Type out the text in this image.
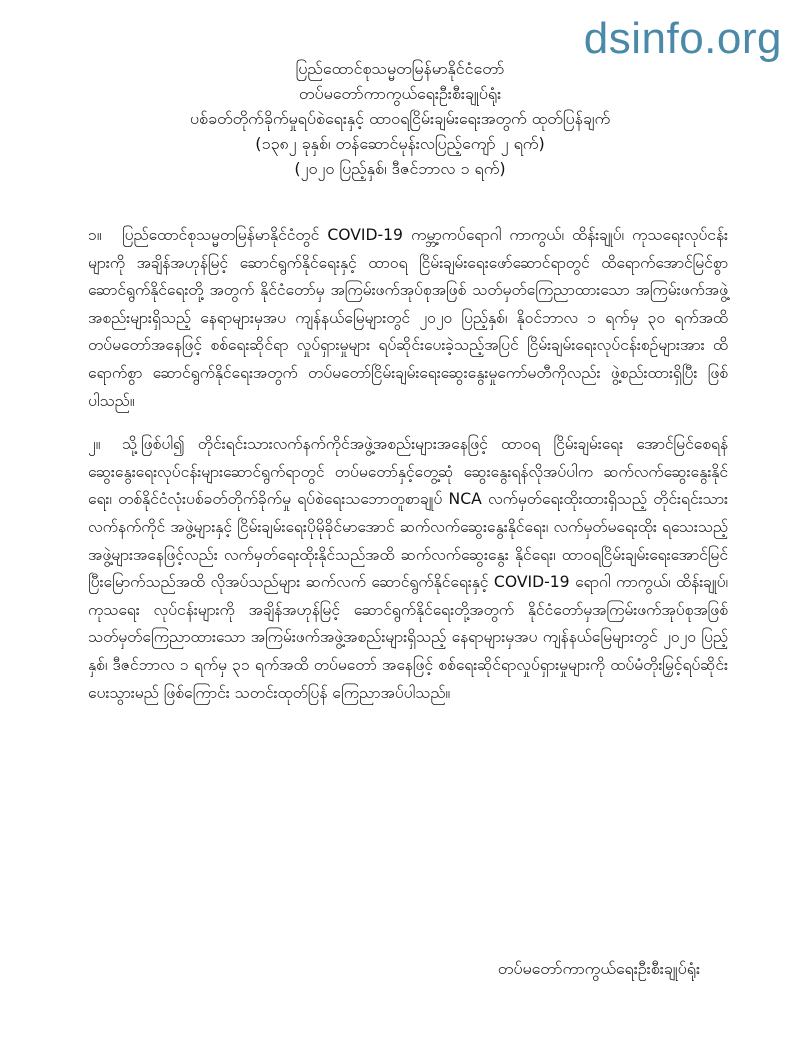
dsinfo.org
ပြည်ထောင်စုသမ္မတမြန်မာနိုင်ငံတော်
တပ်မတော်ကာကွယ်ရေးဦးစီးချုပ်ရုံး
ပစ်ခတ်တိုက်ခိုက်မှုရပ်စဲရေးနှင့် ထာဝရငြိမ်းချမ်းရေးအတွက် ထုတ်ပြန်ချက်
(၁၃၈၂ ခုနှစ်၊ တန်ဆောင်မုန်းလပြည့်ကျော် ၂ ရက်)
(၂၀၂၀ ပြည့်နှစ်၊ ဒီဇင်ဘာလ ၁ ရက်)

၁။ ပြည်ထောင်စုသမ္မတမြန်မာနိုင်ငံတွင် COVID-19 ကမ္ဘာ့ကပ်ရောဂါ ကာကွယ်၊ ထိန်းချုပ်၊ ကုသရေးလုပ်ငန်းများကို အချိန်အဟုန်မြင့် ဆောင်ရွက်နိုင်ရေးနှင့် ထာဝရ ငြိမ်းချမ်းရေးဖော်ဆောင်ရာတွင် ထိရောက်အောင်မြင်စွာ ဆောင်ရွက်နိုင်ရေးတို့ အတွက် နိုင်ငံတော်မှ အကြမ်းဖက်အုပ်စုအဖြစ် သတ်မှတ်ကြေညာထားသော အကြမ်းဖက်အဖွဲ့အစည်းများရှိသည့် နေရာများမှအပ ကျန်နယ်မြေများတွင် ၂၀၂၀ ပြည့်နှစ်၊ နိုဝင်ဘာလ ၁ ရက်မှ ၃၀ ရက်အထိ တပ်မတော်အနေဖြင့် စစ်ရေးဆိုင်ရာ လှုပ်ရှားမှုများ ရပ်ဆိုင်းပေးခဲ့သည့်အပြင် ငြိမ်းချမ်းရေးလုပ်ငန်းစဉ်များအား ထိရောက်စွာ ဆောင်ရွက်နိုင်ရေးအတွက် တပ်မတော်ငြိမ်းချမ်းရေးဆွေးနွေးမှုကော်မတီကိုလည်း ဖွဲ့စည်းထားရှိပြီး ဖြစ်ပါသည်။

၂။ သို့ဖြစ်ပါ၍ တိုင်းရင်းသားလက်နက်ကိုင်အဖွဲ့အစည်းများအနေဖြင့် ထာဝရ ငြိမ်းချမ်းရေး အောင်မြင်စေရန် ဆွေးနွေးရေးလုပ်ငန်းများဆောင်ရွက်ရာတွင် တပ်မတော်နှင့်တွေ့ဆုံ ဆွေးနွေးရန်လိုအပ်ပါက ဆက်လက်ဆွေးနွေးနိုင်ရေး၊ တစ်နိုင်ငံလုံးပစ်ခတ်တိုက်ခိုက်မှု ရပ်စဲရေးသဘောတူစာချုပ် NCA လက်မှတ်ရေးထိုးထားရှိသည့် တိုင်းရင်းသားလက်နက်ကိုင် အဖွဲ့များနှင့် ငြိမ်းချမ်းရေးပိုမိုခိုင်မာအောင် ဆက်လက်ဆွေးနွေးနိုင်ရေး၊ လက်မှတ်မရေးထိုး ရသေးသည့် အဖွဲ့များအနေဖြင့်လည်း လက်မှတ်ရေးထိုးနိုင်သည်အထိ ဆက်လက်ဆွေးနွေး နိုင်ရေး၊ ထာဝရငြိမ်းချမ်းရေးအောင်မြင်ပြီးမြောက်သည်အထိ လိုအပ်သည်များ ဆက်လက် ဆောင်ရွက်နိုင်ရေးနှင့် COVID-19 ရောဂါ ကာကွယ်၊ ထိန်းချုပ်၊ ကုသရေး လုပ်ငန်းများကို အချိန်အဟုန်မြင့် ဆောင်ရွက်နိုင်ရေးတို့အတွက် နိုင်ငံတော်မှအကြမ်းဖက်အုပ်စုအဖြစ် သတ်မှတ်ကြေညာထားသော အကြမ်းဖက်အဖွဲ့အစည်းများရှိသည့် နေရာများမှအပ ကျန်နယ်မြေများတွင် ၂၀၂၀ ပြည့်နှစ်၊ ဒီဇင်ဘာလ ၁ ရက်မှ ၃၁ ရက်အထိ တပ်မတော် အနေဖြင့် စစ်ရေးဆိုင်ရာလှုပ်ရှားမှုများကို ထပ်မံတိုးမြှင့်ရပ်ဆိုင်းပေးသွားမည် ဖြစ်ကြောင်း သတင်းထုတ်ပြန် ကြေညာအပ်ပါသည်။

တပ်မတော်ကာကွယ်ရေးဦးစီးချုပ်ရုံး
